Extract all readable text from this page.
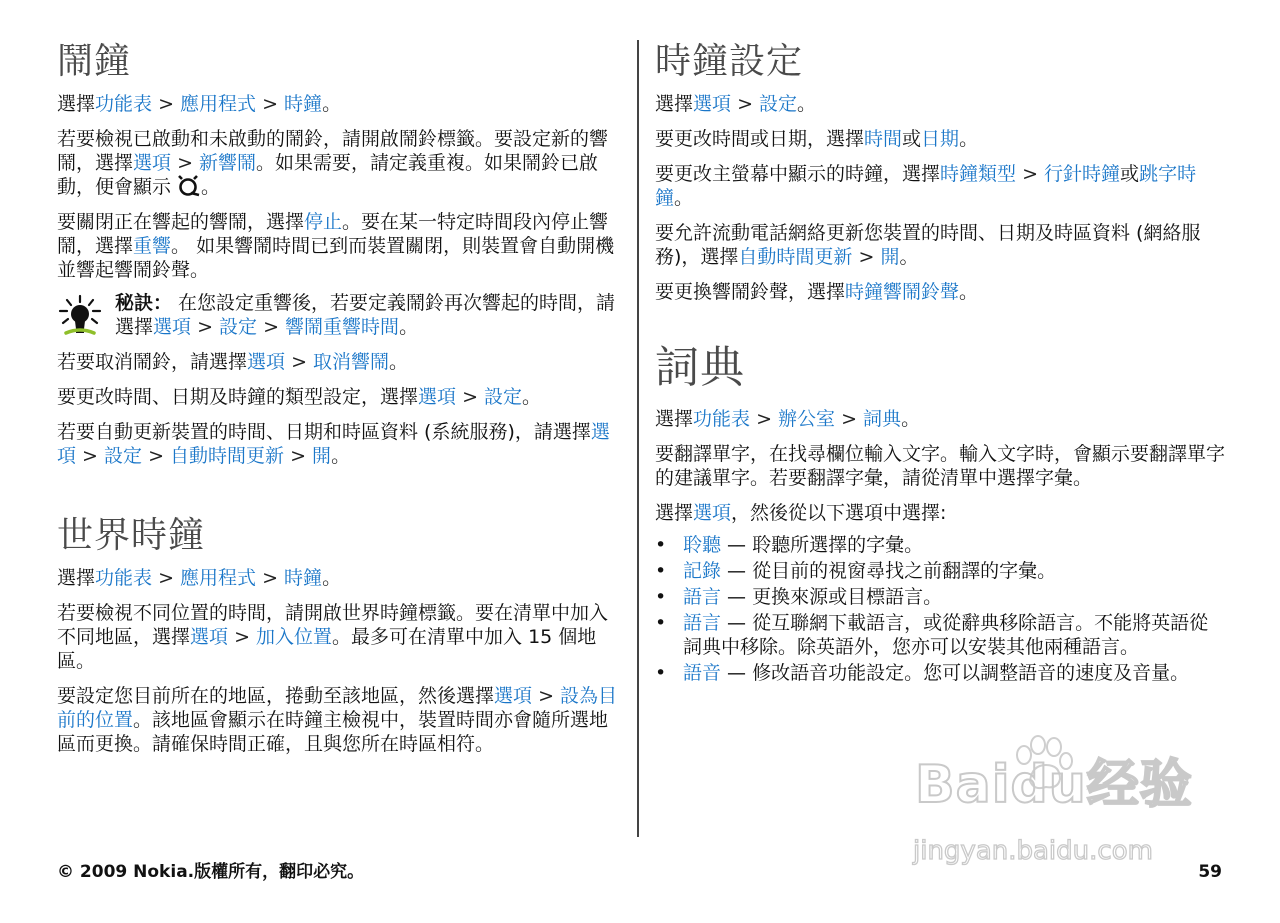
鬧鐘

選擇功能表 > 應用程式 > 時鐘。

若要檢視已啟動和未啟動的鬧鈴，請開啟鬧鈴標籤。要設定新的響鬧，選擇選項 > 新響鬧。如果需要，請定義重複。如果鬧鈴已啟動，便會顯示 。

要關閉正在響起的響鬧，選擇停止。要在某一特定時間段內停止響鬧，選擇重響。 如果響鬧時間已到而裝置關閉，則裝置會自動開機並響起響鬧鈴聲。

秘訣： 在您設定重響後，若要定義鬧鈴再次響起的時間，請選擇選項 > 設定 > 響鬧重響時間。

若要取消鬧鈴，請選擇選項 > 取消響鬧。

要更改時間、日期及時鐘的類型設定，選擇選項 > 設定。

若要自動更新裝置的時間、日期和時區資料 (系統服務)，請選擇選項 > 設定 > 自動時間更新 > 開。

世界時鐘

選擇功能表 > 應用程式 > 時鐘。

若要檢視不同位置的時間，請開啟世界時鐘標籤。要在清單中加入不同地區，選擇選項 > 加入位置。最多可在清單中加入 15 個地區。

要設定您目前所在的地區，捲動至該地區，然後選擇選項 > 設為目前的位置。該地區會顯示在時鐘主檢視中，裝置時間亦會隨所選地區而更換。請確保時間正確，且與您所在時區相符。

時鐘設定

選擇選項 > 設定。

要更改時間或日期，選擇時間或日期。

要更改主螢幕中顯示的時鐘，選擇時鐘類型 > 行針時鐘或跳字時鐘。

要允許流動電話網絡更新您裝置的時間、日期及時區資料 (網絡服務)，選擇自動時間更新 > 開。

要更換響鬧鈴聲，選擇時鐘響鬧鈴聲。

詞典

選擇功能表 > 辦公室 > 詞典。

要翻譯單字，在找尋欄位輸入文字。輸入文字時，會顯示要翻譯單字的建議單字。若要翻譯字彙，請從清單中選擇字彙。

選擇選項，然後從以下選項中選擇:

• 聆聽 — 聆聽所選擇的字彙。
• 記錄 — 從目前的視窗尋找之前翻譯的字彙。
• 語言 — 更換來源或目標語言。
• 語言 — 從互聯網下載語言，或從辭典移除語言。不能將英語從詞典中移除。除英語外，您亦可以安裝其他兩種語言。
• 語音 — 修改語音功能設定。您可以調整語音的速度及音量。
© 2009 Nokia.版權所有，翻印必究。	59
Baidu经验
jingyan.baidu.com
